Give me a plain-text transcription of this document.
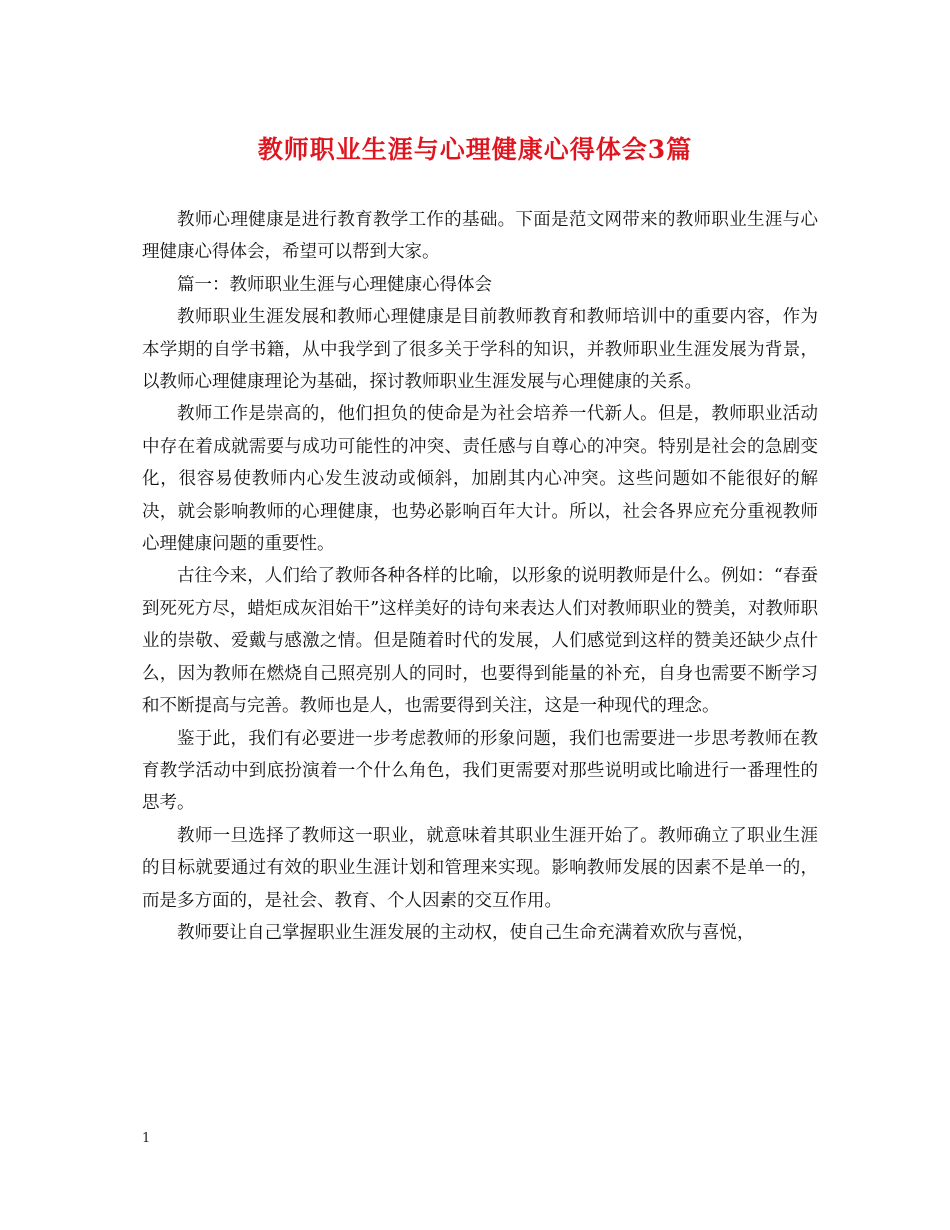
教师职业生涯与心理健康心得体会3篇

教师心理健康是进行教育教学工作的基础。下面是范文网带来的教师职业生涯与心理健康心得体会，希望可以帮到大家。

篇一：教师职业生涯与心理健康心得体会

教师职业生涯发展和教师心理健康是目前教师教育和教师培训中的重要内容，作为本学期的自学书籍，从中我学到了很多关于学科的知识，并教师职业生涯发展为背景，以教师心理健康理论为基础，探讨教师职业生涯发展与心理健康的关系。

教师工作是崇高的，他们担负的使命是为社会培养一代新人。但是，教师职业活动中存在着成就需要与成功可能性的冲突、责任感与自尊心的冲突。特别是社会的急剧变化，很容易使教师内心发生波动或倾斜，加剧其内心冲突。这些问题如不能很好的解决，就会影响教师的心理健康，也势必影响百年大计。所以，社会各界应充分重视教师心理健康问题的重要性。

古往今来，人们给了教师各种各样的比喻，以形象的说明教师是什么。例如：“春蚕到死死方尽，蜡炬成灰泪始干”这样美好的诗句来表达人们对教师职业的赞美，对教师职业的崇敬、爱戴与感激之情。但是随着时代的发展，人们感觉到这样的赞美还缺少点什么，因为教师在燃烧自己照亮别人的同时，也要得到能量的补充，自身也需要不断学习和不断提高与完善。教师也是人，也需要得到关注，这是一种现代的理念。

鉴于此，我们有必要进一步考虑教师的形象问题，我们也需要进一步思考教师在教育教学活动中到底扮演着一个什么角色，我们更需要对那些说明或比喻进行一番理性的思考。

教师一旦选择了教师这一职业，就意味着其职业生涯开始了。教师确立了职业生涯的目标就要通过有效的职业生涯计划和管理来实现。影响教师发展的因素不是单一的，而是多方面的，是社会、教育、个人因素的交互作用。

教师要让自己掌握职业生涯发展的主动权，使自己生命充满着欢欣与喜悦，

1
